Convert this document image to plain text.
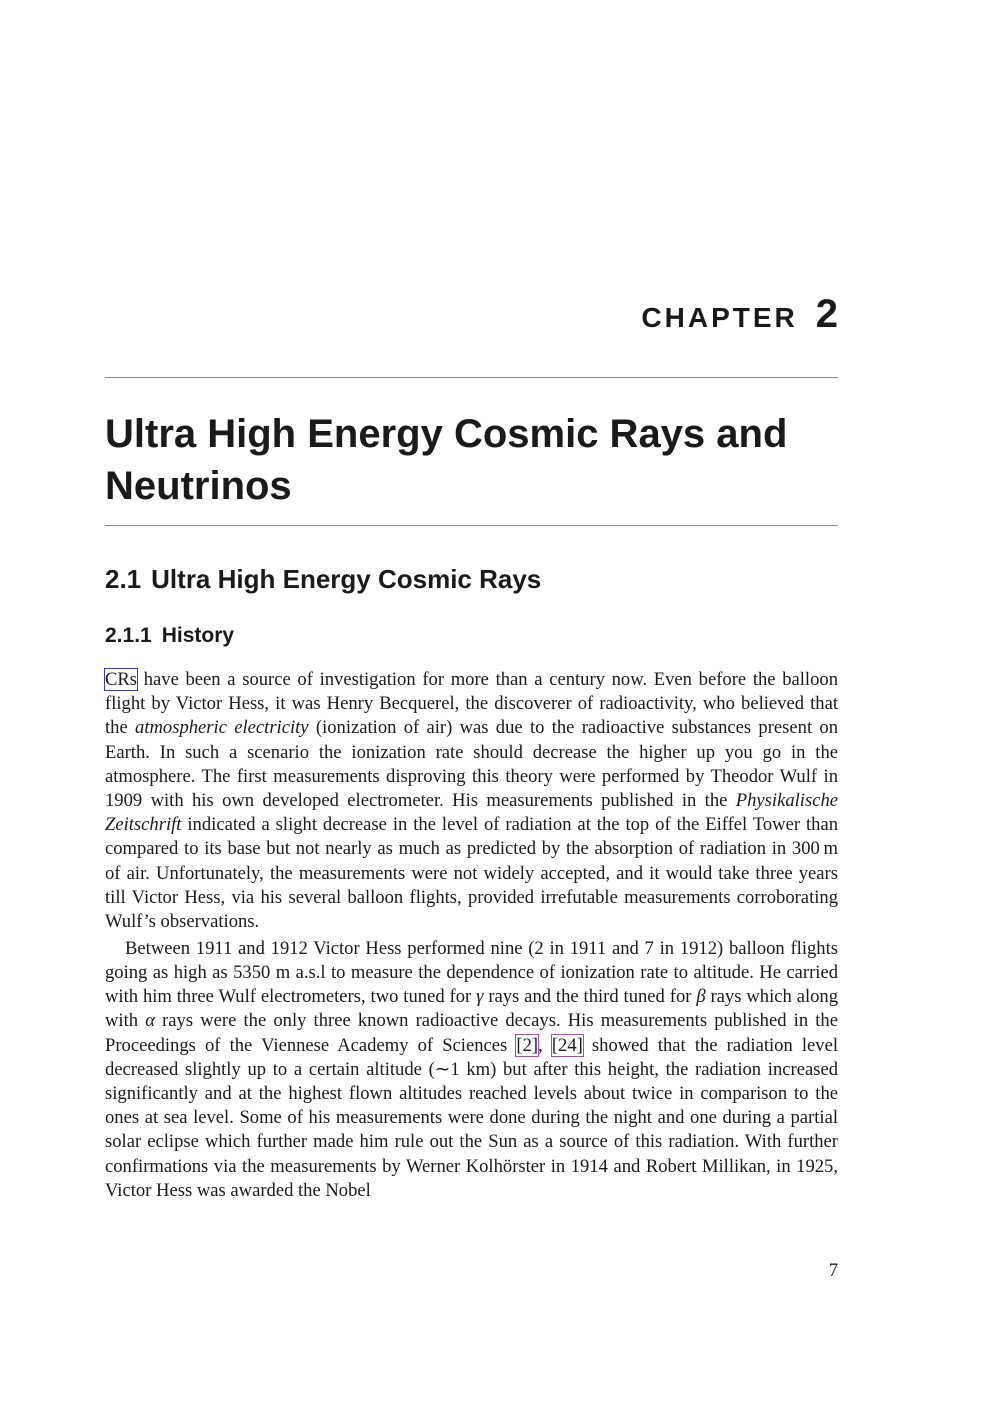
CHAPTER 2
Ultra High Energy Cosmic Rays and Neutrinos
2.1 Ultra High Energy Cosmic Rays
2.1.1 History

CRs have been a source of investigation for more than a century now. Even before the balloon flight by Victor Hess, it was Henry Becquerel, the discoverer of radioactivity, who believed that the atmospheric electricity (ionization of air) was due to the radioactive substances present on Earth. In such a scenario the ionization rate should decrease the higher up you go in the atmosphere. The first measurements disproving this theory were performed by Theodor Wulf in 1909 with his own developed electrometer. His measurements published in the Physikalische Zeitschrift indicated a slight decrease in the level of radiation at the top of the Eiffel Tower than compared to its base but not nearly as much as predicted by the absorption of radiation in 300 m of air. Unfortunately, the measurements were not widely accepted, and it would take three years till Victor Hess, via his several balloon flights, provided irrefutable measurements corroborating Wulf’s observations.

Between 1911 and 1912 Victor Hess performed nine (2 in 1911 and 7 in 1912) balloon flights going as high as 5350 m a.s.l to measure the dependence of ionization rate to altitude. He carried with him three Wulf electrometers, two tuned for γ rays and the third tuned for β rays which along with α rays were the only three known radioactive decays. His measurements published in the Proceedings of the Viennese Academy of Sciences [2], [24] showed that the radiation level decreased slightly up to a certain altitude (∼1 km) but after this height, the radiation increased significantly and at the highest flown altitudes reached levels about twice in comparison to the ones at sea level. Some of his measurements were done during the night and one during a partial solar eclipse which further made him rule out the Sun as a source of this radiation. With further confirmations via the measurements by Werner Kolhörster in 1914 and Robert Millikan, in 1925, Victor Hess was awarded the Nobel

7
